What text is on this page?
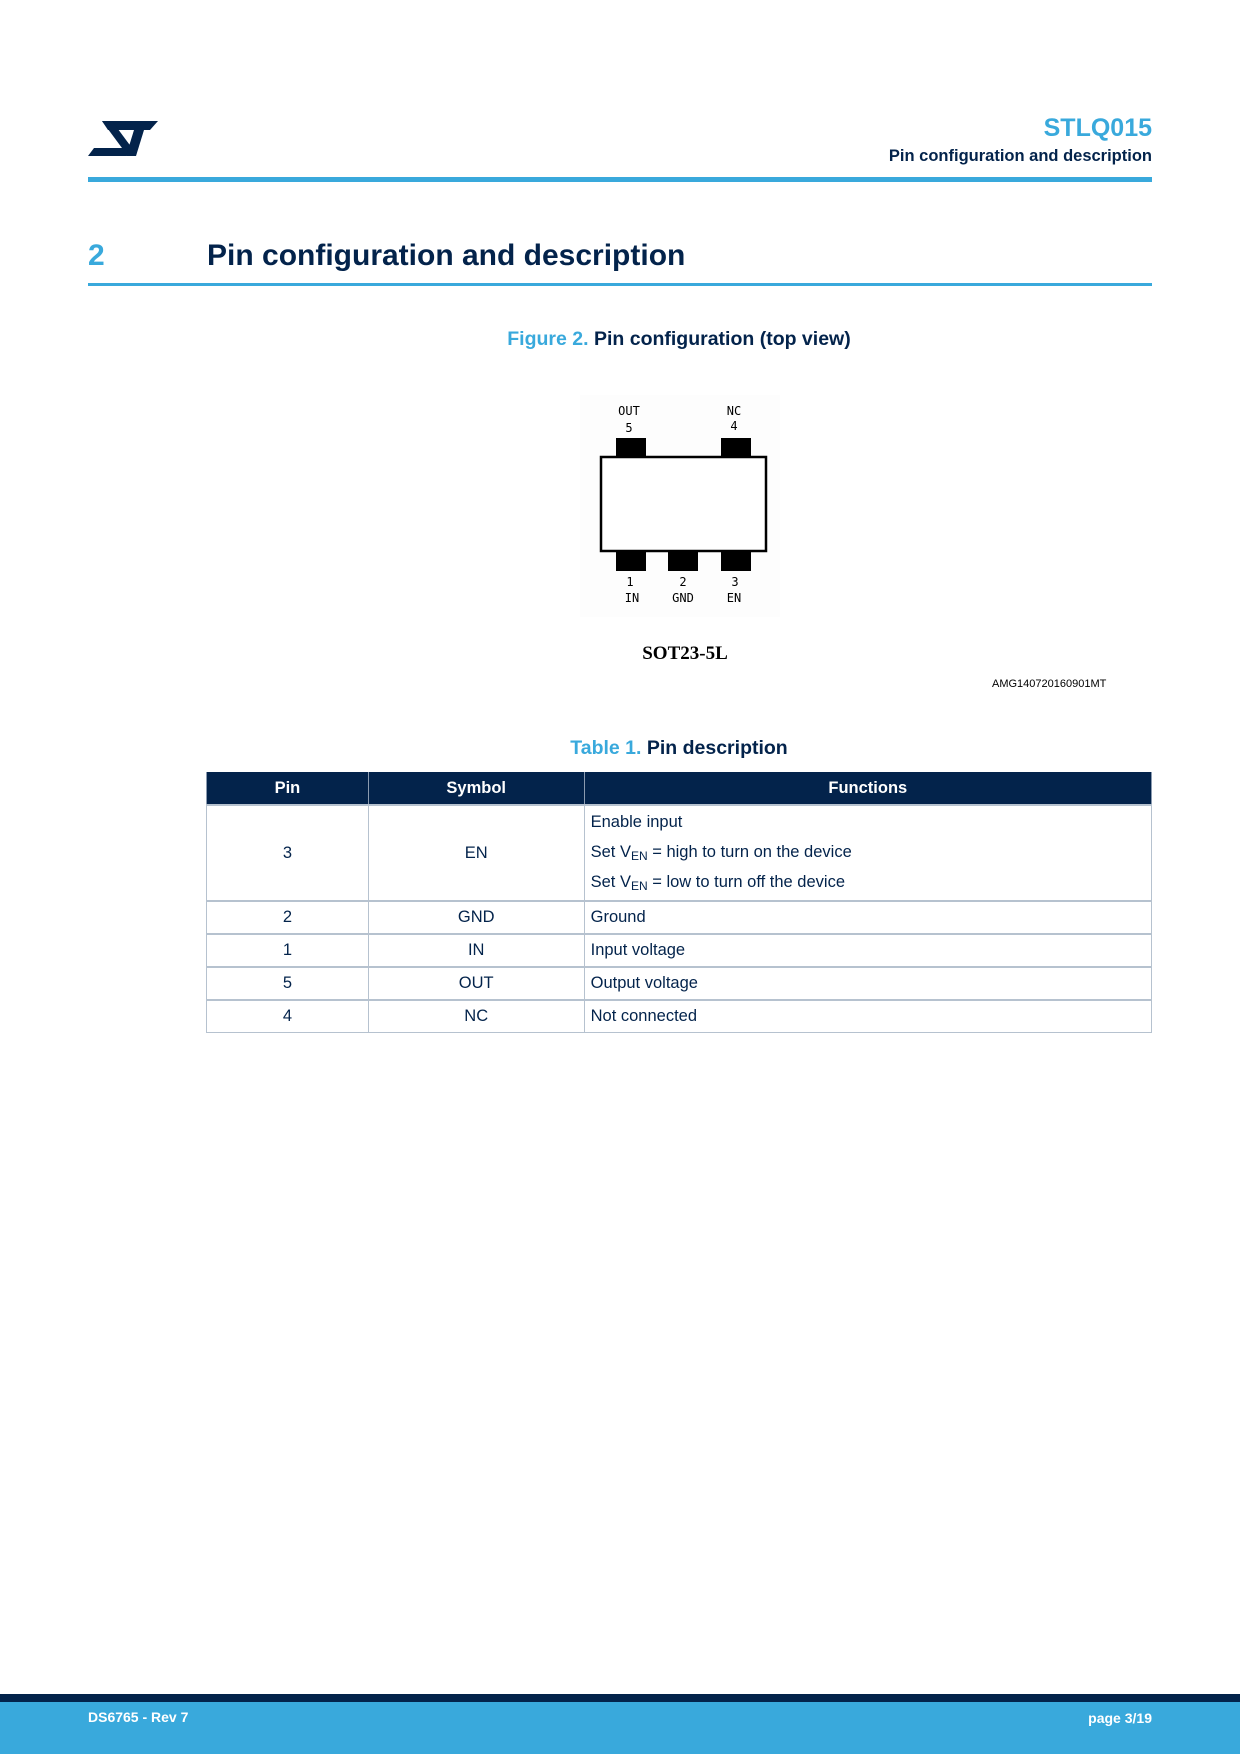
STLQ015
Pin configuration and description
2	Pin configuration and description
Figure 2. Pin configuration (top view)
OUT
5
NC
4
1
IN
2
GND
3
EN
SOT23-5L
AMG140720160901MT
Table 1. Pin description
Pin	Symbol	Functions
3	EN	Enable input
Set $V_{EN}$ = high to turn on the device
Set $V_{EN}$ = low to turn off the device

2	GND	Ground
1	IN	Input voltage
5	OUT	Output voltage
4	NC	Not connected
DS6765 - Rev 7	page 3/19
